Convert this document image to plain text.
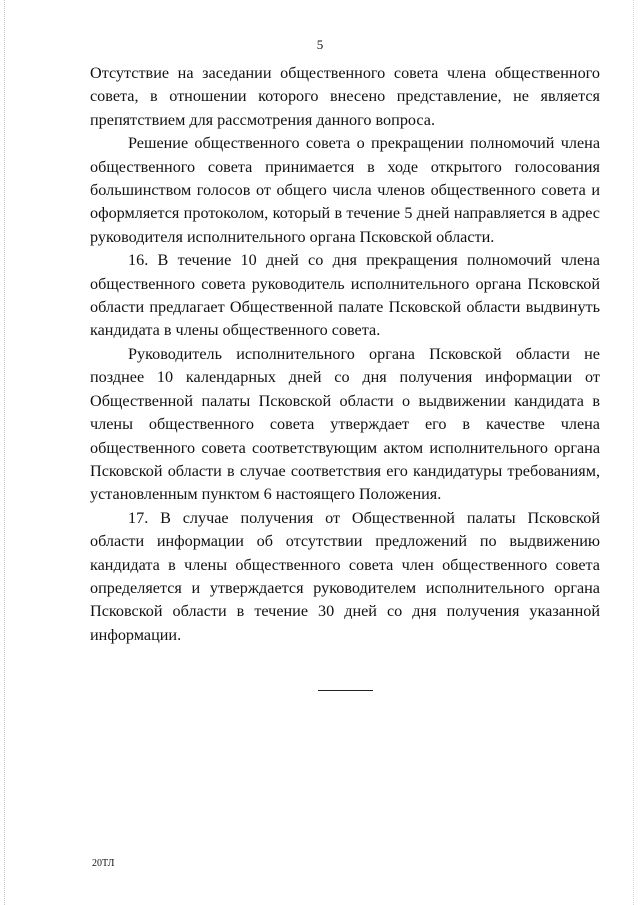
5

Отсутствие на заседании общественного совета члена общественного совета, в отношении которого внесено представление, не является препятствием для рассмотрения данного вопроса.

Решение общественного совета о прекращении полномочий члена общественного совета принимается в ходе открытого голосования большинством голосов от общего числа членов общественного совета и оформляется протоколом, который в течение 5 дней направляется в адрес руководителя исполнительного органа Псковской области.

16. В течение 10 дней со дня прекращения полномочий члена общественного совета руководитель исполнительного органа Псковской области предлагает Общественной палате Псковской области выдвинуть кандидата в члены общественного совета.

Руководитель исполнительного органа Псковской области не позднее 10 календарных дней со дня получения информации от Общественной палаты Псковской области о выдвижении кандидата в члены общественного совета утверждает его в качестве члена общественного совета соответствующим актом исполнительного органа Псковской области в случае соответствия его кандидатуры требованиям, установленным пунктом 6 настоящего Положения.

17. В случае получения от Общественной палаты Псковской области информации об отсутствии предложений по выдвижению кандидата в члены общественного совета член общественного совета определяется и утверждается руководителем исполнительного органа Псковской области в течение 30 дней со дня получения указанной информации.

20ТЛ
